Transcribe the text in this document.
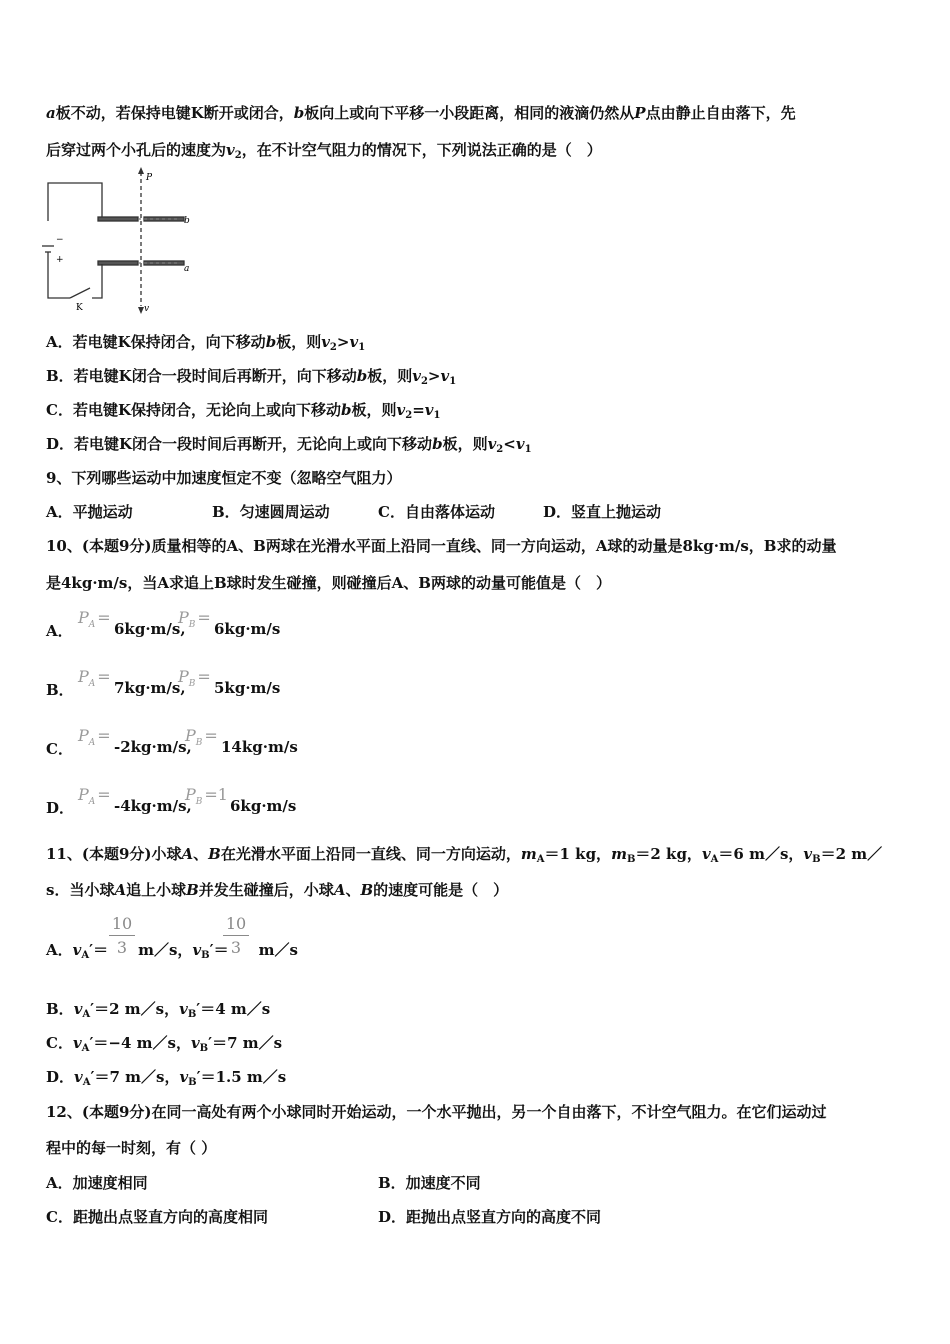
a板不动，若保持电键K断开或闭合，b板向上或向下平移一小段距离，相同的液滴仍然从P点由静止自由落下，先
后穿过两个小孔后的速度为$v_2$，在不计空气阻力的情况下，下列说法正确的是（　）
P
b
a
v
K
−
+
A．若电键K保持闭合，向下移动b板，则$v_2>v_1$
B．若电键K闭合一段时间后再断开，向下移动b板，则$v_2>v_1$
C．若电键K保持闭合，无论向上或向下移动b板，则$v_2=v_1$
D．若电键K闭合一段时间后再断开，无论向上或向下移动b板，则$v_2<v_1$
9、下列哪些运动中加速度恒定不变（忽略空气阻力）
A．平抛运动	B．匀速圆周运动	C．自由落体运动	D．竖直上抛运动
10、(本题9分)质量相等的A、B两球在光滑水平面上沿同一直线、同一方向运动，A球的动量是8kg·m/s，B求的动量
是4kg·m/s，当A求追上B球时发生碰撞，则碰撞后A、B两球的动量可能值是（　）
A．
$P_A$ =
6kg·m/s,
$P_B$ =
6kg·m/s
B．
$P_A$ =
7kg·m/s,
$P_B$ =
5kg·m/s
C．
$P_A$ =
-2kg·m/s,
$P_B$ =
14kg·m/s
D．
$P_A$ =
-4kg·m/s,
$P_B =1$
6kg·m/s
11、(本题9分)小球A、B在光滑水平面上沿同一直线、同一方向运动，$m_A=1$ kg，$m_B=2$ kg，$v_A=6$ m／s，$v_B=2$ m／
s．当小球A追上小球B并发生碰撞后，小球A、B的速度可能是（　）
A．$v_A'=$ m／s，$v_B'=$ m／s
10
3
10
3
B．$v_A'=2$ m／s，$v_B'=4$ m／s
C．$v_A'=-4$ m／s，$v_B'=7$ m／s
D．$v_A'=7$ m／s，$v_B'=1.5$ m／s
12、(本题9分)在同一高处有两个小球同时开始运动，一个水平抛出，另一个自由落下，不计空气阻力。在它们运动过
程中的每一时刻，有（ ）
A．加速度相同	B．加速度不同
C．距抛出点竖直方向的高度相同	D．距抛出点竖直方向的高度不同
